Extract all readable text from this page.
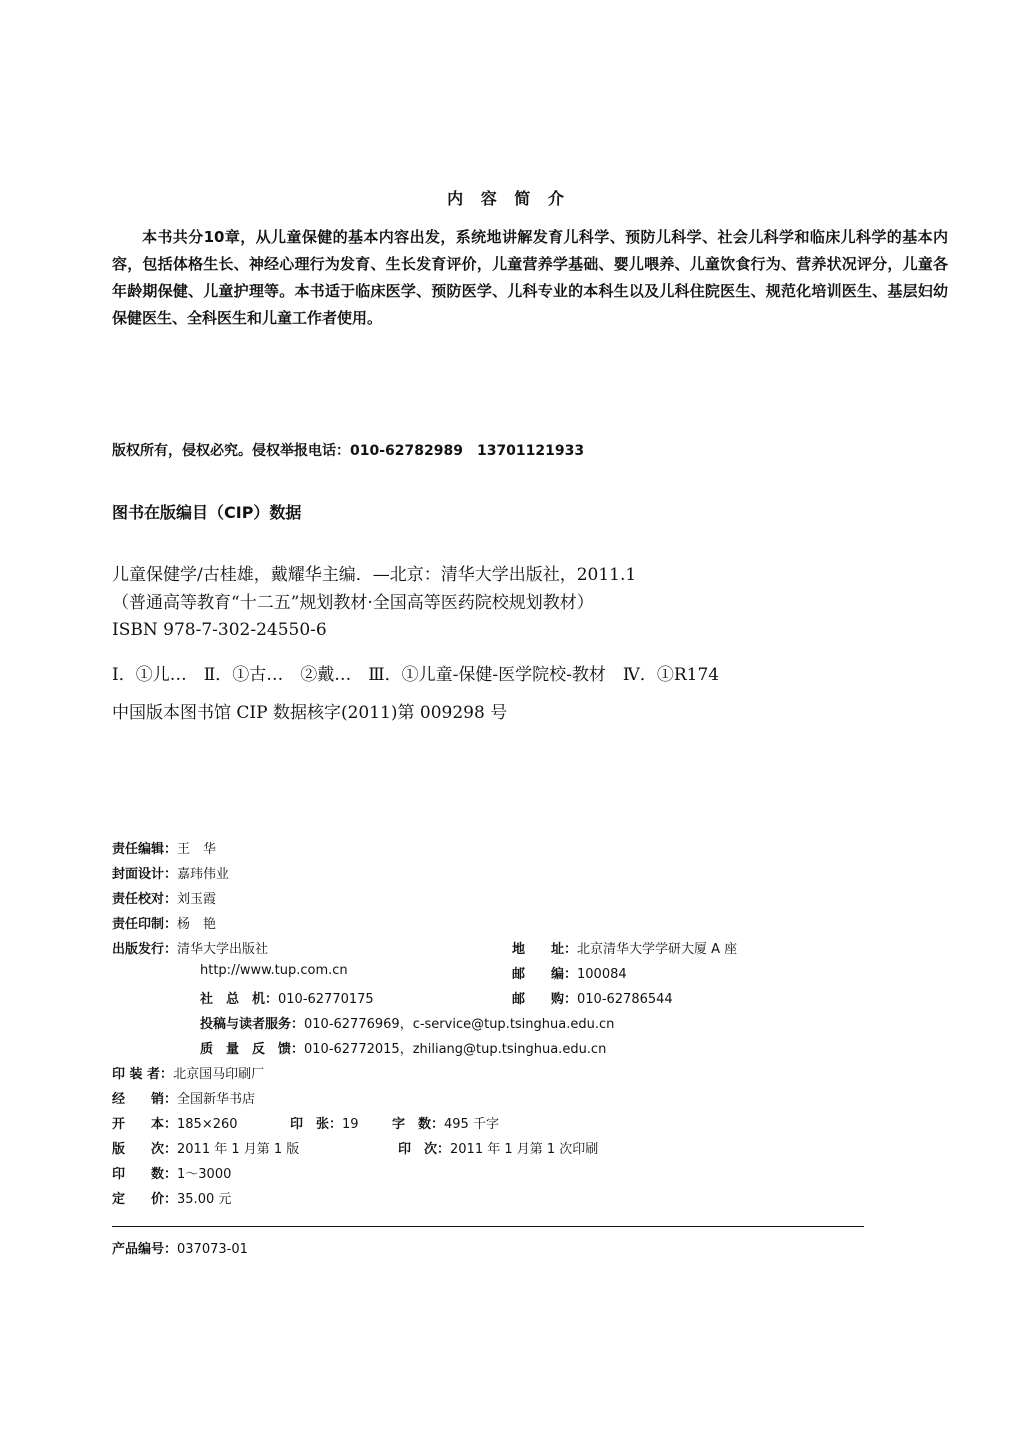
内 容 简 介
本书共分10章，从儿童保健的基本内容出发，系统地讲解发育儿科学、预防儿科学、社会儿科学和临床儿科学的基本内容，包括体格生长、神经心理行为发育、生长发育评价，儿童营养学基础、婴儿喂养、儿童饮食行为、营养状况评分，儿童各年龄期保健、儿童护理等。本书适于临床医学、预防医学、儿科专业的本科生以及儿科住院医生、规范化培训医生、基层妇幼保健医生、全科医生和儿童工作者使用。
版权所有，侵权必究。侵权举报电话：010-62782989　13701121933
图书在版编目（CIP）数据
儿童保健学/古桂雄，戴耀华主编．—北京：清华大学出版社，2011.1
（普通高等教育“十二五”规划教材·全国高等医药院校规划教材）
ISBN 978-7-302-24550-6
Ⅰ．①儿…　Ⅱ．①古…　②戴…　Ⅲ．①儿童-保健-医学院校-教材　Ⅳ．①R174
中国版本图书馆 CIP 数据核字(2011)第 009298 号
责任编辑：王　华
封面设计：嘉玮伟业
责任校对：刘玉霞
责任印制：杨　艳
出版发行：清华大学出版社	地　　址：北京清华大学学研大厦 A 座
http://www.tup.com.cn	邮　　编：100084
社　总　机：010-62770175	邮　　购：010-62786544
投稿与读者服务：010-62776969，c-service@tup.tsinghua.edu.cn
质　量　反　馈：010-62772015，zhiliang@tup.tsinghua.edu.cn
印 装 者：北京国马印刷厂
经　　销：全国新华书店
开　　本：185×260	印　张：19	字　数：495 千字
版　　次：2011 年 1 月第 1 版	印　次：2011 年 1 月第 1 次印刷
印　　数：1～3000
定　　价：35.00 元
产品编号：037073-01
